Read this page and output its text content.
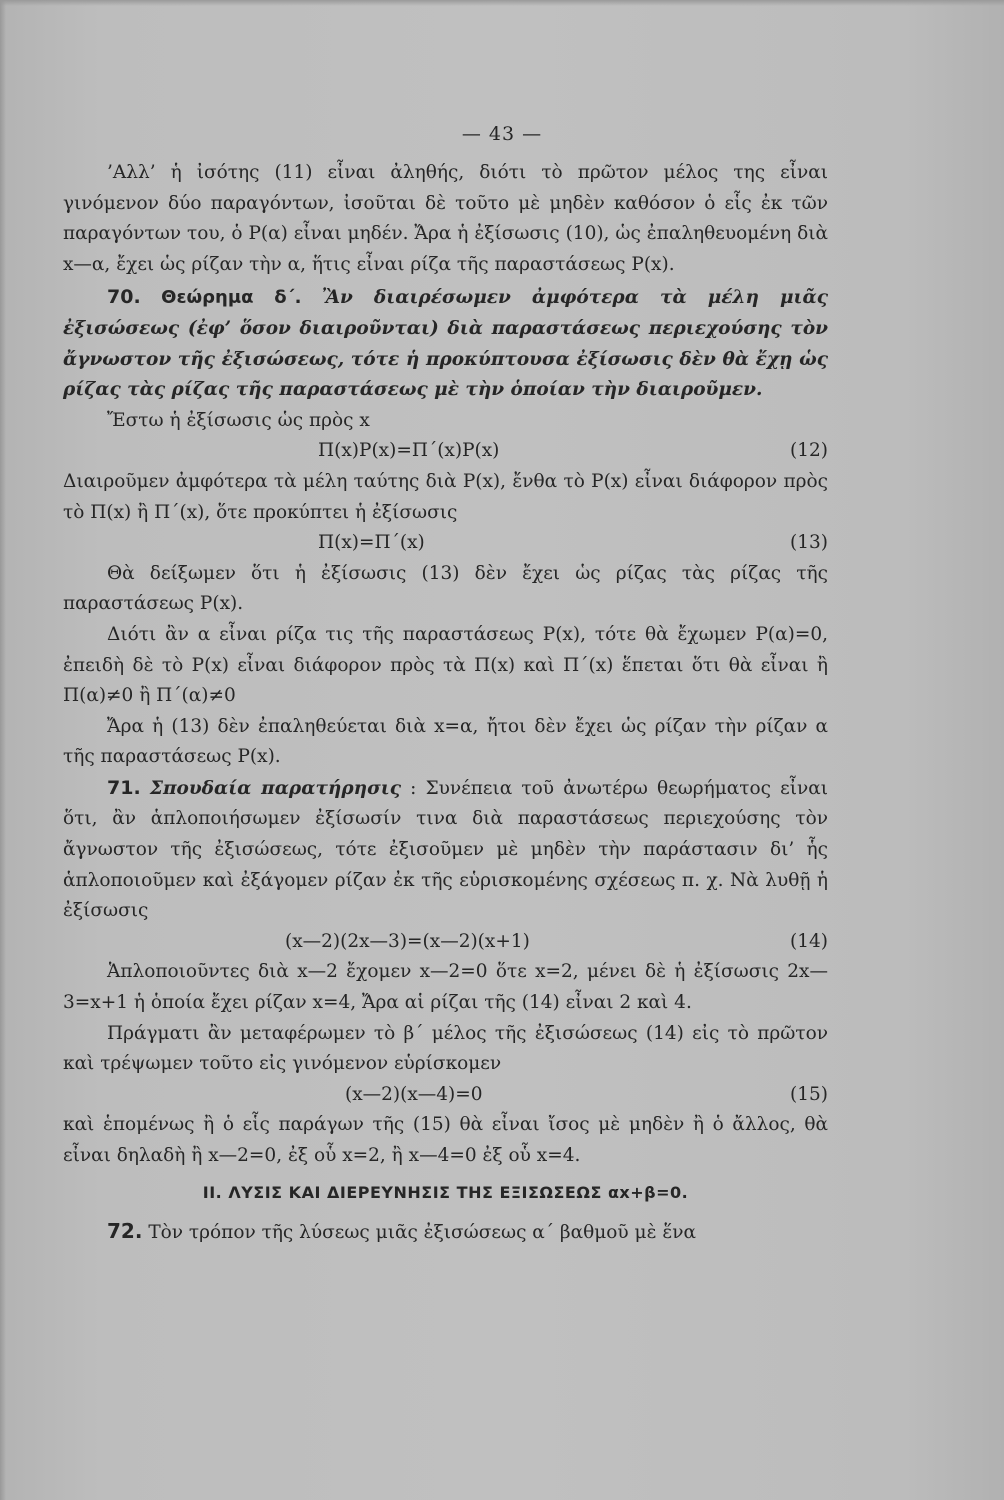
— 43 —

’Αλλ’ ἡ ἰσότης (11) εἶναι ἀληθής, διότι τὸ πρῶτον μέλος της εἶναι γινόμενον δύο παραγόντων, ἰσοῦται δὲ τοῦτο μὲ μηδὲν καθόσον ὁ εἷς ἐκ τῶν παραγόντων του, ὁ P(α) εἶναι μηδέν. Ἄρα ἡ ἐξίσωσις (10), ὡς ἐπαληθευομένη διὰ x—α, ἔχει ὡς ρίζαν τὴν α, ἥτις εἶναι ρίζα τῆς παραστάσεως P(x).

70. Θεώρημα δ΄. Ἂν διαιρέσωμεν ἀμφότερα τὰ μέλη μιᾶς ἐξισώσεως (ἐφ’ ὅσον διαιροῦνται) διὰ παραστάσεως περιεχούσης τὸν ἄγνωστον τῆς ἐξισώσεως, τότε ἡ προκύπτουσα ἐξίσωσις δὲν θὰ ἔχῃ ὡς ρίζας τὰς ρίζας τῆς παραστάσεως μὲ τὴν ὁποίαν τὴν διαιροῦμεν.

Ἔστω ἡ ἐξίσωσις ὡς πρὸς x

Π(x)P(x)=Π΄(x)P(x)	(12)

Διαιροῦμεν ἀμφότερα τὰ μέλη ταύτης διὰ P(x), ἔνθα τὸ P(x) εἶναι διάφορον πρὸς τὸ Π(x) ἢ Π΄(x), ὅτε προκύπτει ἡ ἐξίσωσις

Π(x)=Π΄(x)	(13)

Θὰ δείξωμεν ὅτι ἡ ἐξίσωσις (13) δὲν ἔχει ὡς ρίζας τὰς ρίζας τῆς παραστάσεως P(x).

Διότι ἂν α εἶναι ρίζα τις τῆς παραστάσεως P(x), τότε θὰ ἔχωμεν P(α)=0, ἐπειδὴ δὲ τὸ P(x) εἶναι διάφορον πρὸς τὰ Π(x) καὶ Π΄(x) ἕπεται ὅτι θὰ εἶναι ἢ Π(α)≠0 ἢ Π΄(α)≠0

Ἄρα ἡ (13) δὲν ἐπαληθεύεται διὰ x=α, ἤτοι δὲν ἔχει ὡς ρίζαν τὴν ρίζαν α τῆς παραστάσεως P(x).

71. Σπουδαία παρατήρησις : Συνέπεια τοῦ ἀνωτέρω θεωρήματος εἶναι ὅτι, ἂν ἁπλοποιήσωμεν ἐξίσωσίν τινα διὰ παραστάσεως περιεχούσης τὸν ἄγνωστον τῆς ἐξισώσεως, τότε ἐξισοῦμεν μὲ μηδὲν τὴν παράστασιν δι’ ἧς ἁπλοποιοῦμεν καὶ ἐξάγομεν ρίζαν ἐκ τῆς εὑρισκομένης σχέσεως π. χ. Νὰ λυθῇ ἡ ἐξίσωσις

(x—2)(2x—3)=(x—2)(x+1)	(14)

Ἁπλοποιοῦντες διὰ x—2 ἔχομεν x—2=0 ὅτε x=2, μένει δὲ ἡ ἐξίσωσις 2x—3=x+1 ἡ ὁποία ἔχει ρίζαν x=4, Ἄρα αἱ ρίζαι τῆς (14) εἶναι 2 καὶ 4.

Πράγματι ἂν μεταφέρωμεν τὸ β΄ μέλος τῆς ἐξισώσεως (14) εἰς τὸ πρῶτον καὶ τρέψωμεν τοῦτο εἰς γινόμενον εὑρίσκομεν

(x—2)(x—4)=0	(15)

καὶ ἑπομένως ἢ ὁ εἷς παράγων τῆς (15) θὰ εἶναι ἴσος μὲ μηδὲν ἢ ὁ ἄλλος, θὰ εἶναι δηλαδὴ ἢ x—2=0, ἐξ οὗ x=2, ἢ x—4=0 ἐξ οὗ x=4.

II. ΛΥΣΙΣ ΚΑΙ ΔΙΕΡΕΥΝΗΣΙΣ ΤΗΣ ΕΞΙΣΩΣΕΩΣ αx+β=0.

72. Τὸν τρόπον τῆς λύσεως μιᾶς ἐξισώσεως α΄ βαθμοῦ μὲ ἕνα
